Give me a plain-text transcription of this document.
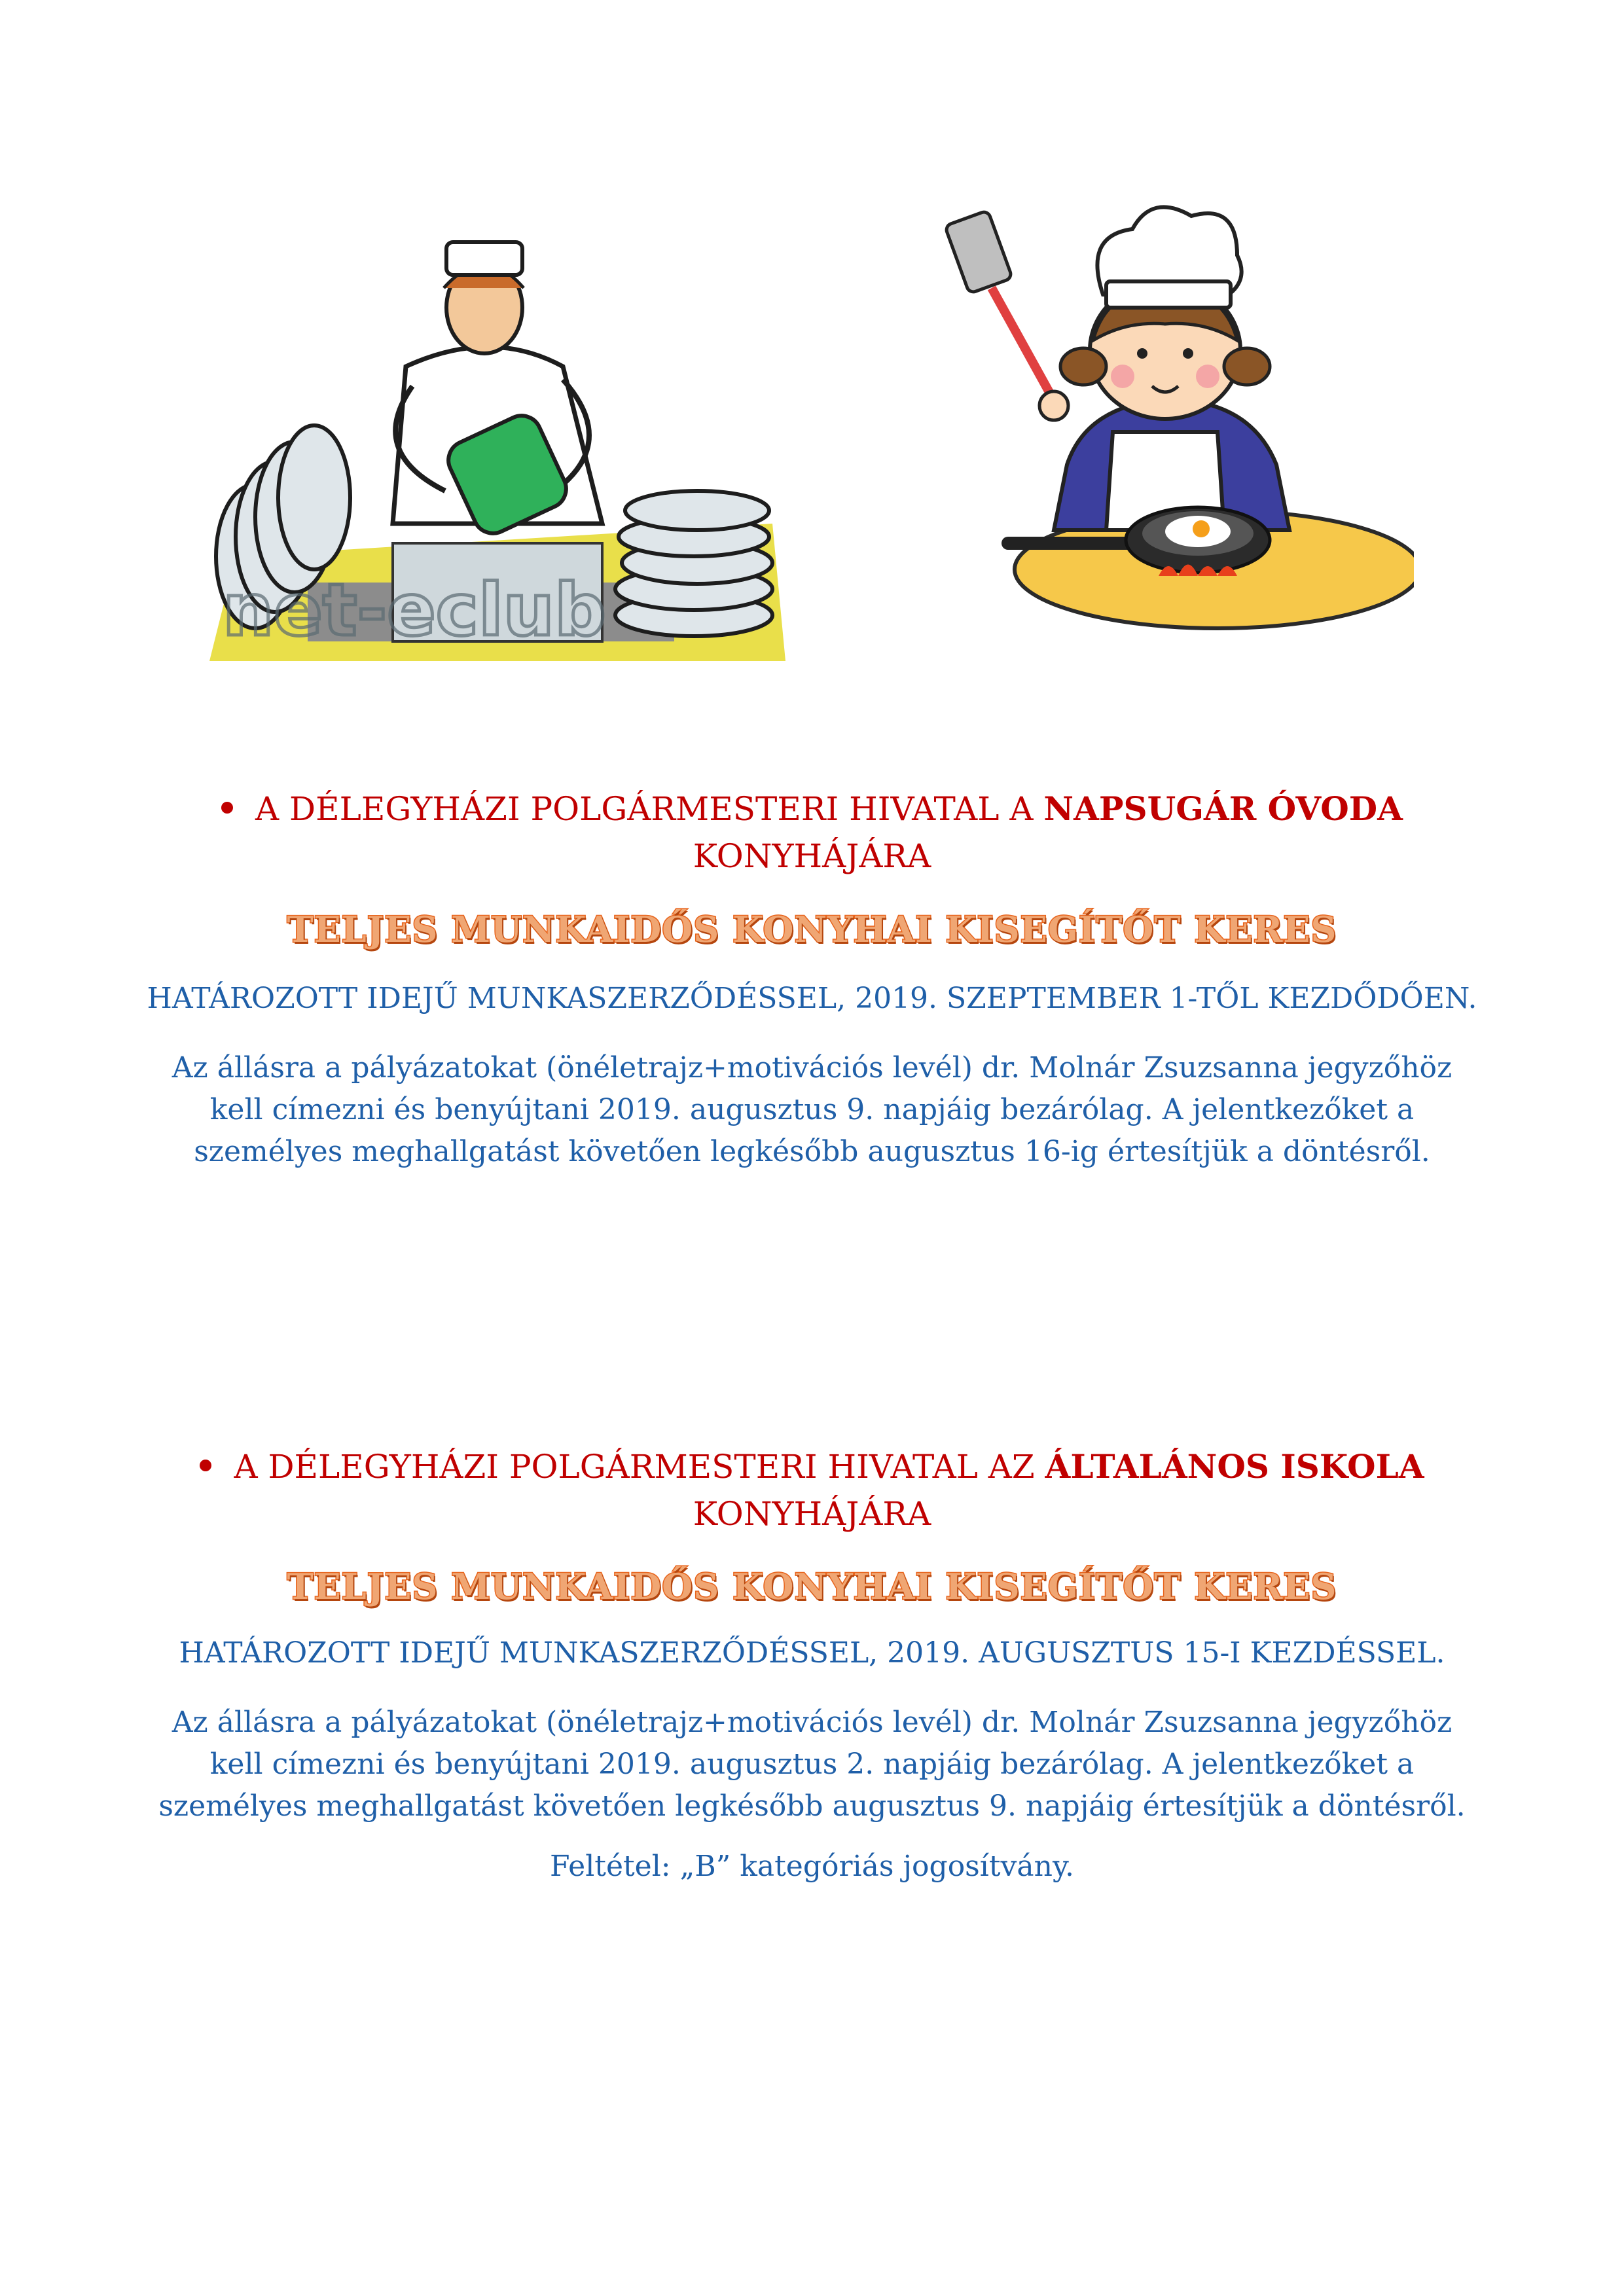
net-eclub
A DÉLEGYHÁZI POLGÁRMESTERI HIVATAL A NAPSUGÁR ÓVODA
KONYHÁJÁRA
TELJES MUNKAIDŐS KONYHAI KISEGÍTŐT KERES
HATÁROZOTT IDEJŰ MUNKASZERZŐDÉSSEL, 2019. SZEPTEMBER 1-TŐL KEZDŐDŐEN.
Az állásra a pályázatokat (önéletrajz+motivációs levél) dr. Molnár Zsuzsanna jegyzőhöz
kell címezni és benyújtani 2019. augusztus 9. napjáig bezárólag. A jelentkezőket a
személyes meghallgatást követően legkésőbb augusztus 16-ig értesítjük a döntésről.
A DÉLEGYHÁZI POLGÁRMESTERI HIVATAL AZ ÁLTALÁNOS ISKOLA
KONYHÁJÁRA
TELJES MUNKAIDŐS KONYHAI KISEGÍTŐT KERES
HATÁROZOTT IDEJŰ MUNKASZERZŐDÉSSEL, 2019. AUGUSZTUS 15-I KEZDÉSSEL.
Az állásra a pályázatokat (önéletrajz+motivációs levél) dr. Molnár Zsuzsanna jegyzőhöz
kell címezni és benyújtani 2019. augusztus 2. napjáig bezárólag. A jelentkezőket a
személyes meghallgatást követően legkésőbb augusztus 9. napjáig értesítjük a döntésről.
Feltétel: „B” kategóriás jogosítvány.
